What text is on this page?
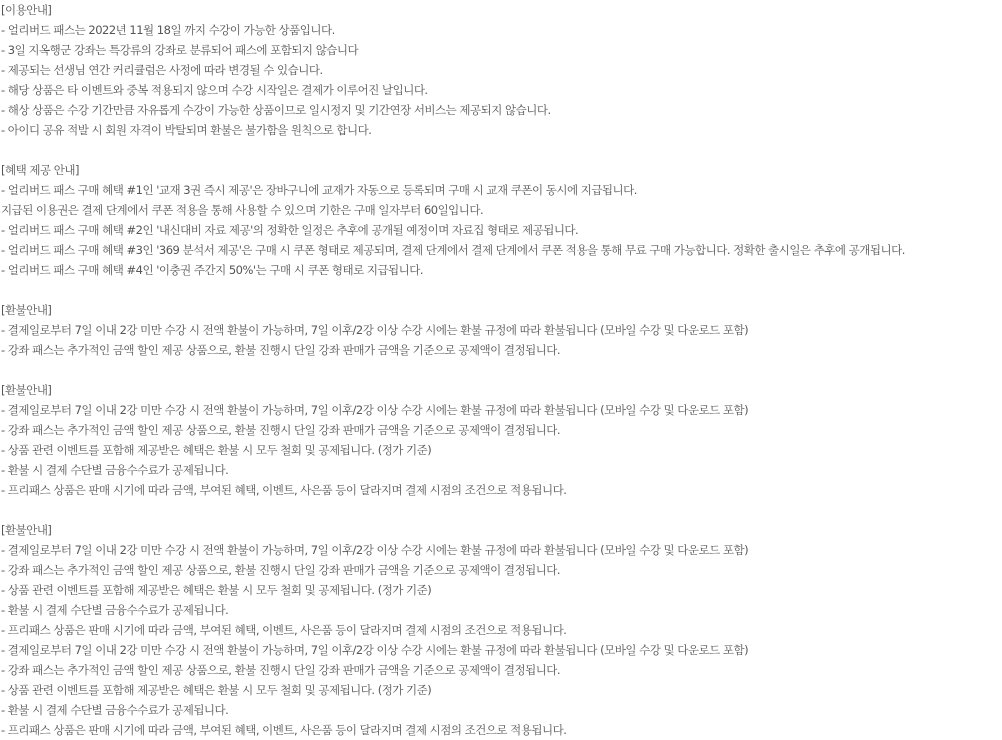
[이용안내]
- 얼리버드 패스는 2022년 11월 18일 까지 수강이 가능한 상품입니다.
- 3일 지옥행군 강좌는 특강류의 강좌로 분류되어 패스에 포함되지 않습니다
- 제공되는 선생님 연간 커리큘럼은 사정에 따라 변경될 수 있습니다.
- 해당 상품은 타 이벤트와 중복 적용되지 않으며 수강 시작일은 결제가 이루어진 날입니다.
- 해상 상품은 수강 기간만큼 자유롭게 수강이 가능한 상품이므로 일시정지 및 기간연장 서비스는 제공되지 않습니다.
- 아이디 공유 적발 시 회원 자격이 박탈되며 환불은 불가함을 원칙으로 합니다.
[혜택 제공 안내]
- 얼리버드 패스 구매 혜택 #1인 '교재 3권 즉시 제공'은 장바구니에 교재가 자동으로 등록되며 구매 시 교재 쿠폰이 동시에 지급됩니다.
지급된 이용권은 결제 단계에서 쿠폰 적용을 통해 사용할 수 있으며 기한은 구매 일자부터 60일입니다.
- 얼리버드 패스 구매 혜택 #2인 '내신대비 자료 제공'의 정확한 일정은 추후에 공개될 예정이며 자료집 형태로 제공됩니다.
- 얼리버드 패스 구매 혜택 #3인 '369 분석서 제공'은 구매 시 쿠폰 형태로 제공되며, 결제 단계에서 결제 단계에서 쿠폰 적용을 통해 무료 구매 가능합니다. 정확한 출시일은 추후에 공개됩니다.
- 얼리버드 패스 구매 혜택 #4인 '이충권 주간지 50%'는 구매 시 쿠폰 형태로 지급됩니다.
[환불안내]
- 결제일로부터 7일 이내 2강 미만 수강 시 전액 환불이 가능하며, 7일 이후/2강 이상 수강 시에는 환불 규정에 따라 환불됩니다 (모바일 수강 및 다운로드 포함)
- 강좌 패스는 추가적인 금액 할인 제공 상품으로, 환불 진행시 단일 강좌 판매가 금액을 기준으로 공제액이 결정됩니다.
[환불안내]
- 결제일로부터 7일 이내 2강 미만 수강 시 전액 환불이 가능하며, 7일 이후/2강 이상 수강 시에는 환불 규정에 따라 환불됩니다 (모바일 수강 및 다운로드 포함)
- 강좌 패스는 추가적인 금액 할인 제공 상품으로, 환불 진행시 단일 강좌 판매가 금액을 기준으로 공제액이 결정됩니다.
- 상품 관련 이벤트를 포함해 제공받은 혜택은 환불 시 모두 철회 및 공제됩니다. (정가 기준)
- 환불 시 결제 수단별 금융수수료가 공제됩니다.
- 프리패스 상품은 판매 시기에 따라 금액, 부여된 혜택, 이벤트, 사은품 등이 달라지며 결제 시점의 조건으로 적용됩니다.
[환불안내]
- 결제일로부터 7일 이내 2강 미만 수강 시 전액 환불이 가능하며, 7일 이후/2강 이상 수강 시에는 환불 규정에 따라 환불됩니다 (모바일 수강 및 다운로드 포함)
- 강좌 패스는 추가적인 금액 할인 제공 상품으로, 환불 진행시 단일 강좌 판매가 금액을 기준으로 공제액이 결정됩니다.
- 상품 관련 이벤트를 포함해 제공받은 혜택은 환불 시 모두 철회 및 공제됩니다. (정가 기준)
- 환불 시 결제 수단별 금융수수료가 공제됩니다.
- 프리패스 상품은 판매 시기에 따라 금액, 부여된 혜택, 이벤트, 사은품 등이 달라지며 결제 시점의 조건으로 적용됩니다.
- 결제일로부터 7일 이내 2강 미만 수강 시 전액 환불이 가능하며, 7일 이후/2강 이상 수강 시에는 환불 규정에 따라 환불됩니다 (모바일 수강 및 다운로드 포함)
- 강좌 패스는 추가적인 금액 할인 제공 상품으로, 환불 진행시 단일 강좌 판매가 금액을 기준으로 공제액이 결정됩니다.
- 상품 관련 이벤트를 포함해 제공받은 혜택은 환불 시 모두 철회 및 공제됩니다. (정가 기준)
- 환불 시 결제 수단별 금융수수료가 공제됩니다.
- 프리패스 상품은 판매 시기에 따라 금액, 부여된 혜택, 이벤트, 사은품 등이 달라지며 결제 시점의 조건으로 적용됩니다.
